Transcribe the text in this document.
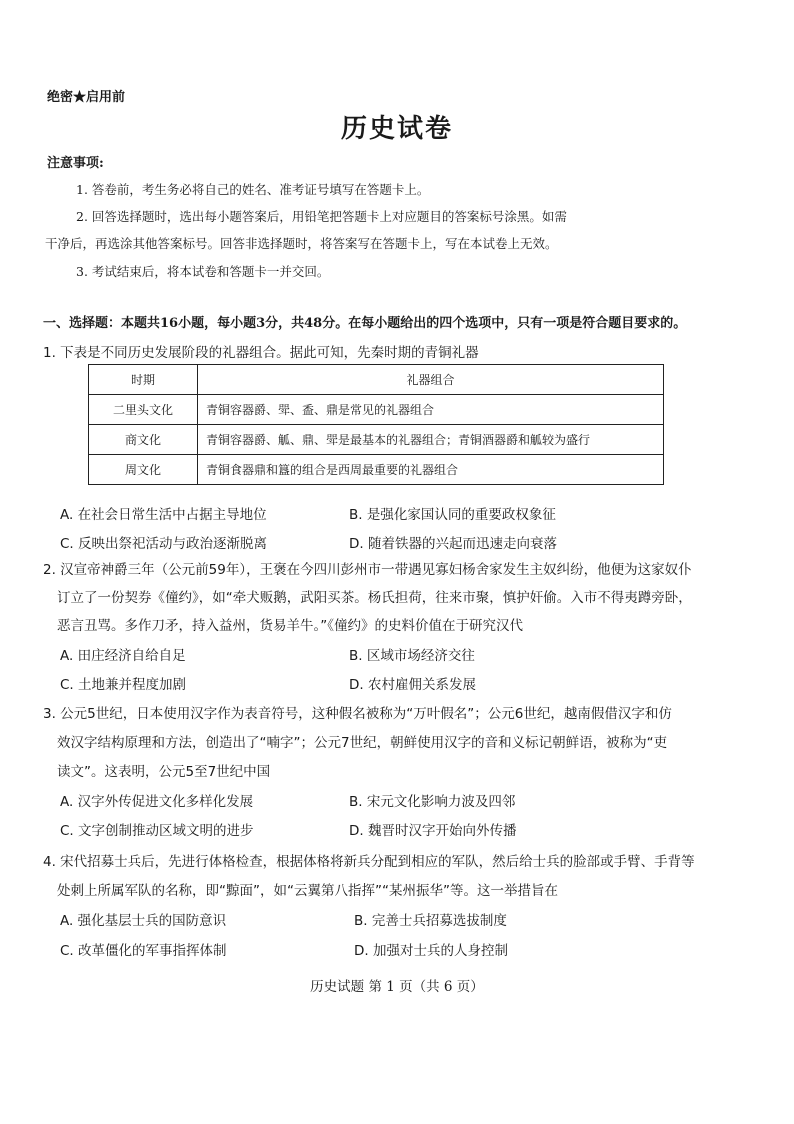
绝密★启用前
历史试卷
注意事项:
1. 答卷前，考生务必将自己的姓名、准考证号填写在答题卡上。
2. 回答选择题时，选出每小题答案后，用铅笔把答题卡上对应题目的答案标号涂黑。如需
干净后，再选涂其他答案标号。回答非选择题时，将答案写在答题卡上，写在本试卷上无效。
3. 考试结束后，将本试卷和答题卡一并交回。
一、选择题：本题共16小题，每小题3分，共48分。在每小题给出的四个选项中，只有一项是符合题目要求的。
1. 下表是不同历史发展阶段的礼器组合。据此可知，先秦时期的青铜礼器
时期	礼器组合
二里头文化	青铜容器爵、斝、盉、鼎是常见的礼器组合
商文化	青铜容器爵、觚、鼎、斝是最基本的礼器组合；青铜酒器爵和觚较为盛行
周文化	青铜食器鼎和簋的组合是西周最重要的礼器组合
A. 在社会日常生活中占据主导地位	B. 是强化家国认同的重要政权象征
C. 反映出祭祀活动与政治逐渐脱离	D. 随着铁器的兴起而迅速走向衰落
2. 汉宣帝神爵三年（公元前59年），王褒在今四川彭州市一带遇见寡妇杨舍家发生主奴纠纷，他便为这家奴仆
订立了一份契券《僮约》，如“牵犬贩鹅，武阳买茶。杨氏担荷，往来市聚，慎护奸偷。入市不得夷蹲旁卧，
恶言丑骂。多作刀矛，持入益州，货易羊牛。”《僮约》的史料价值在于研究汉代
A. 田庄经济自给自足	B. 区域市场经济交往
C. 土地兼并程度加剧	D. 农村雇佣关系发展
3. 公元5世纪，日本使用汉字作为表音符号，这种假名被称为“万叶假名”；公元6世纪，越南假借汉字和仿
效汉字结构原理和方法，创造出了“喃字”；公元7世纪，朝鲜使用汉字的音和义标记朝鲜语，被称为“吏
读文”。这表明，公元5至7世纪中国
A. 汉字外传促进文化多样化发展	B. 宋元文化影响力波及四邻
C. 文字创制推动区域文明的进步	D. 魏晋时汉字开始向外传播
4. 宋代招募士兵后，先进行体格检查，根据体格将新兵分配到相应的军队，然后给士兵的脸部或手臂、手背等
处刺上所属军队的名称，即“黥面”，如“云翼第八指挥”“某州振华”等。这一举措旨在
A. 强化基层士兵的国防意识	B. 完善士兵招募选拔制度
C. 改革僵化的军事指挥体制	D. 加强对士兵的人身控制
历史试题 第 1 页（共 6 页）
